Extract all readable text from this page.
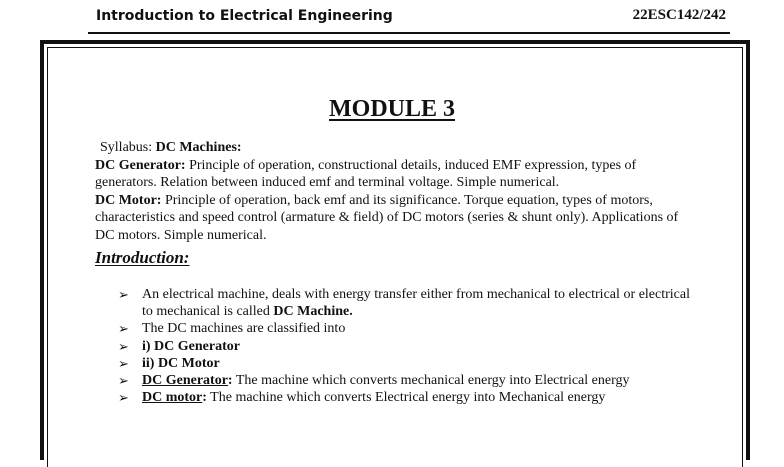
Introduction to Electrical Engineering	22ESC142/242
MODULE 3

Syllabus: DC Machines:

DC Generator: Principle of operation, constructional details, induced EMF expression, types of generators. Relation between induced emf and terminal voltage. Simple numerical.

DC Motor: Principle of operation, back emf and its significance. Torque equation, types of motors, characteristics and speed control (armature & field) of DC motors (series & shunt only). Applications of DC motors. Simple numerical.

Introduction:
➢ An electrical machine, deals with energy transfer either from mechanical to electrical or electrical to mechanical is called DC Machine.
➢ The DC machines are classified into
➢ i) DC Generator
➢ ii) DC Motor
➢ DC Generator: The machine which converts mechanical energy into Electrical energy
➢ DC motor: The machine which converts Electrical energy into Mechanical energy
